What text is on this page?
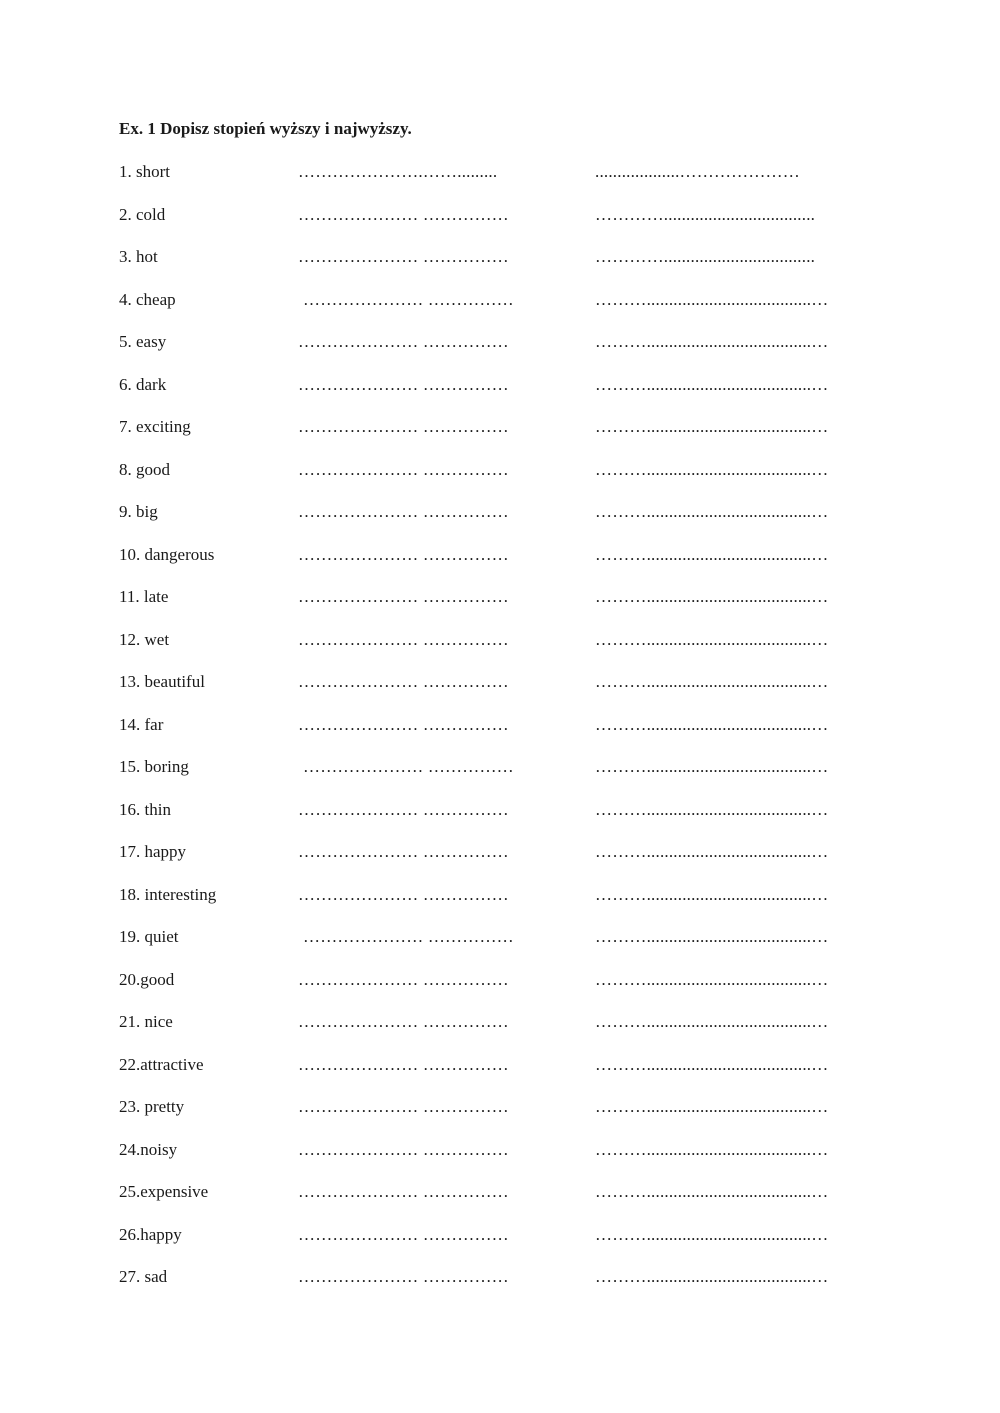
Ex. 1 Dopisz stopień wyższy i najwyższy.
1. short	………………….…….........	...................…………………
2. cold	………………… ……………	…………..................................
3. hot	………………… ……………	…………..................................
4. cheap	………………… ……………	……….....................................…
5. easy	………………… ……………	……….....................................…
6. dark	………………… ……………	……….....................................…
7. exciting	………………… ……………	……….....................................…
8. good	………………… ……………	……….....................................…
9. big	………………… ……………	……….....................................…
10. dangerous	………………… ……………	……….....................................…
11. late	………………… ……………	……….....................................…
12. wet	………………… ……………	……….....................................…
13. beautiful	………………… ……………	……….....................................…
14. far	………………… ……………	……….....................................…
15. boring	………………… ……………	……….....................................…
16. thin	………………… ……………	……….....................................…
17. happy	………………… ……………	……….....................................…
18. interesting	………………… ……………	……….....................................…
19. quiet	………………… ……………	……….....................................…
20.good	………………… ……………	……….....................................…
21. nice	………………… ……………	……….....................................…
22.attractive	………………… ……………	……….....................................…
23. pretty	………………… ……………	……….....................................…
24.noisy	………………… ……………	……….....................................…
25.expensive	………………… ……………	……….....................................…
26.happy	………………… ……………	……….....................................…
27. sad	………………… ……………	……….....................................…
